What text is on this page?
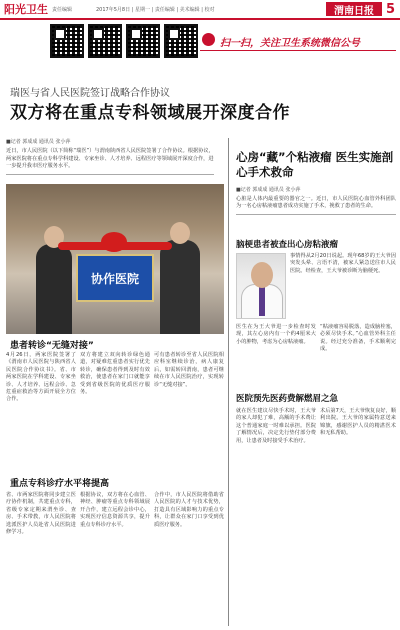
阳光卫生 责任编辑	2017年5月8日 | 星期一 | 责任编辑 | 美术编辑 | 校对	渭南日报 5
扫一扫，关注卫生系统微信公号
瑞医与省人民医院签订战略合作协议
双方将在重点专科领域展开深度合作
■记者 郭成成 通讯员 张小萍
近日，市人民医院（以下简称“瑞医”）与渭南陕西省人民医院签署了合作协议。根据协议，两家医院将在重点专科学科建设、专家坐诊、人才培养、远程医疗等领域展开深度合作，进一步提升我市医疗服务水平。
协作医院
患者转诊“无缝对接”
4月26日，两家医院签署了《渭南市人民医院与陕西省人民医院合作协议书》。省、市两家医院在学科建设、专家坐诊、人才培养、远程会诊、急危重症救治等方面开展全方位合作。
双方将建立双向转诊绿色通道，对疑难危重患者实行优先转诊，确保患者得到及时有效救治，使患者在家门口就能享受到省级医院的优质医疗服务。
可有患者转诊至省人民医院相应科室继续诊治，病人康复后，如需转回渭南，患者可继续在市人民医院治疗，实现转诊“无缝对接”。
重点专科诊疗水平将提高
省、市两家医院将同步建立医疗协作机制，共建重点专科，省级专家定期来渭坐诊、查房、手术带教，市人民医院将选派医护人员赴省人民医院进修学习。
根据协议，双方将在心血管、神经、肿瘤等重点专科领域展开合作，建立远程会诊中心，实现医疗信息资源共享，提升重点专科诊疗水平。
合作中，市人民医院将借助省人民医院的人才与技术优势，打造具有区域影响力的重点专科，让群众在家门口享受到优质医疗服务。
心房“藏”个粘液瘤 医生实施剖心手术救命
■记者 郭成成 通讯员 张小萍
心脏是人体内最重要的器官之一。近日，市人民医院心血管外科团队为一名心房粘液瘤患者成功实施了手术，挽救了患者的生命。
脑梗患者被查出心房粘液瘤
事情得从2月20日说起。现年68岁的王大爷因突发头晕、言语不清，被家人紧急送往市人民医院。经检查，王大爷被诊断为脑梗死。
医生在为王大爷进一步检查时发现，其左心房内有一个约4厘米大小的肿物，考虑为心房粘液瘤。
“粘液瘤容易脱落，造成脑栓塞，必须尽快手术。”心血管外科主任说。经过充分准备，手术顺利完成。
医院预先医药费解燃眉之急
就在医生建议尽快手术时，王大爷的家人却犯了难，高额的手术费让这个普通家庭一时难以承担。医院了解情况后，决定先行垫付部分费用，让患者及时接受手术治疗。
术后第7天，王大爷恢复良好，顺利出院。王大爷的家属特意送来锦旗，感谢医护人员的精湛医术和无私帮助。
